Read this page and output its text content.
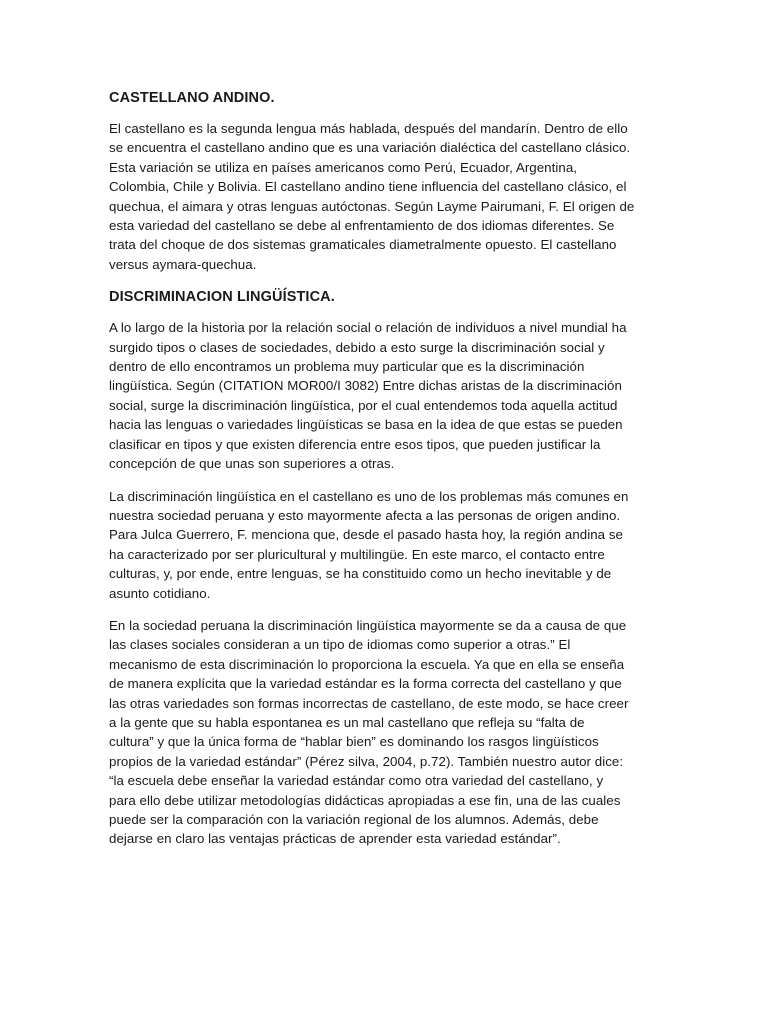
CASTELLANO ANDINO.
El castellano es la segunda lengua más hablada, después del mandarín. Dentro de ello
se encuentra el castellano andino que es una variación dialéctica del castellano clásico.
Esta variación se utiliza en países americanos como Perú, Ecuador, Argentina,
Colombia, Chile y Bolivia. El castellano andino tiene influencia del castellano clásico, el
quechua, el aimara y otras lenguas autóctonas. Según Layme Pairumani, F. El origen de
esta variedad del castellano se debe al enfrentamiento de dos idiomas diferentes. Se
trata del choque de dos sistemas gramaticales diametralmente opuesto. El castellano
versus aymara-quechua.
DISCRIMINACION LINGÜÍSTICA.
A lo largo de la historia por la relación social o relación de individuos a nivel mundial ha
surgido tipos o clases de sociedades, debido a esto surge la discriminación social y
dentro de ello encontramos un problema muy particular que es la discriminación
lingüística. Según (CITATION MOR00/I 3082) Entre dichas aristas de la discriminación
social, surge la discriminación lingüística, por el cual entendemos toda aquella actitud
hacia las lenguas o variedades lingüísticas se basa en la idea de que estas se pueden
clasificar en tipos y que existen diferencia entre esos tipos, que pueden justificar la
concepción de que unas son superiores a otras.
La discriminación lingüística en el castellano es uno de los problemas más comunes en
nuestra sociedad peruana y esto mayormente afecta a las personas de origen andino.
Para Julca Guerrero, F. menciona que, desde el pasado hasta hoy, la región andina se
ha caracterizado por ser pluricultural y multilingüe. En este marco, el contacto entre
culturas, y, por ende, entre lenguas, se ha constituido como un hecho inevitable y de
asunto cotidiano.
En la sociedad peruana la discriminación lingüística mayormente se da a causa de que
las clases sociales consideran a un tipo de idiomas como superior a otras.” El
mecanismo de esta discriminación lo proporciona la escuela. Ya que en ella se enseña
de manera explícita que la variedad estándar es la forma correcta del castellano y que
las otras variedades son formas incorrectas de castellano, de este modo, se hace creer
a la gente que su habla espontanea es un mal castellano que refleja su “falta de
cultura” y que la única forma de “hablar bien” es dominando los rasgos lingüísticos
propios de la variedad estándar” (Pérez silva, 2004, p.72). También nuestro autor dice:
“la escuela debe enseñar la variedad estándar como otra variedad del castellano, y
para ello debe utilizar metodologías didácticas apropiadas a ese fin, una de las cuales
puede ser la comparación con la variación regional de los alumnos. Además, debe
dejarse en claro las ventajas prácticas de aprender esta variedad estándar”.
